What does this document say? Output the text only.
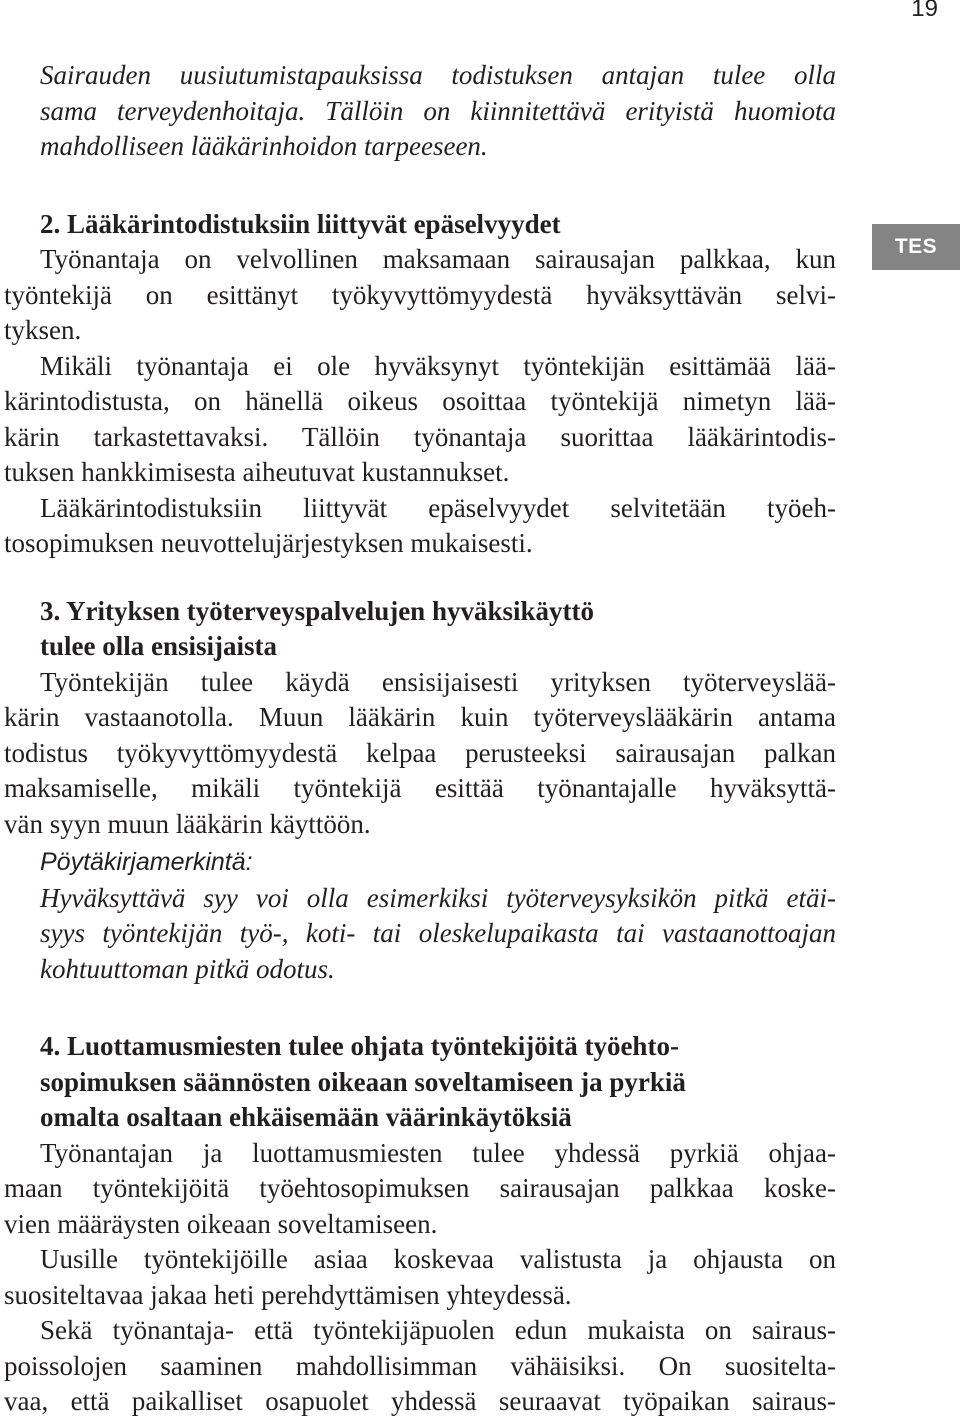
19
TES
Sairauden uusiutumistapauksissa todistuksen antajan tulee olla
sama terveydenhoitaja. Tällöin on kiinnitettävä erityistä huomiota
mahdolliseen lääkärinhoidon tarpeeseen.
2. Lääkärintodistuksiin liittyvät epäselvyydet
Työnantaja on velvollinen maksamaan sairausajan palkkaa, kun
työntekijä on esittänyt työkyvyttömyydestä hyväksyttävän selvi-
tyksen.
Mikäli työnantaja ei ole hyväksynyt työntekijän esittämää lää-
kärintodistusta, on hänellä oikeus osoittaa työntekijä nimetyn lää-
kärin tarkastettavaksi. Tällöin työnantaja suorittaa lääkärintodis-
tuksen hankkimisesta aiheutuvat kustannukset.
Lääkärintodistuksiin liittyvät epäselvyydet selvitetään työeh-
tosopimuksen neuvottelujärjestyksen mukaisesti.
3. Yrityksen työterveyspalvelujen hyväksikäyttö
tulee olla ensisijaista
Työntekijän tulee käydä ensisijaisesti yrityksen työterveyslää-
kärin vastaanotolla. Muun lääkärin kuin työterveyslääkärin antama
todistus työkyvyttömyydestä kelpaa perusteeksi sairausajan palkan
maksamiselle, mikäli työntekijä esittää työnantajalle hyväksyttä-
vän syyn muun lääkärin käyttöön.
Pöytäkirjamerkintä:
Hyväksyttävä syy voi olla esimerkiksi työterveysyksikön pitkä etäi-
syys työntekijän työ-, koti- tai oleskelupaikasta tai vastaanottoajan
kohtuuttoman pitkä odotus.
4. Luottamusmiesten tulee ohjata työntekijöitä työehto-
sopimuksen säännösten oikeaan soveltamiseen ja pyrkiä
omalta osaltaan ehkäisemään väärinkäytöksiä
Työnantajan ja luottamusmiesten tulee yhdessä pyrkiä ohjaa-
maan työntekijöitä työehtosopimuksen sairausajan palkkaa koske-
vien määräysten oikeaan soveltamiseen.
Uusille työntekijöille asiaa koskevaa valistusta ja ohjausta on
suositeltavaa jakaa heti perehdyttämisen yhteydessä.
Sekä työnantaja- että työntekijäpuolen edun mukaista on sairaus-
poissolojen saaminen mahdollisimman vähäisiksi. On suositelta-
vaa, että paikalliset osapuolet yhdessä seuraavat työpaikan sairaus-
